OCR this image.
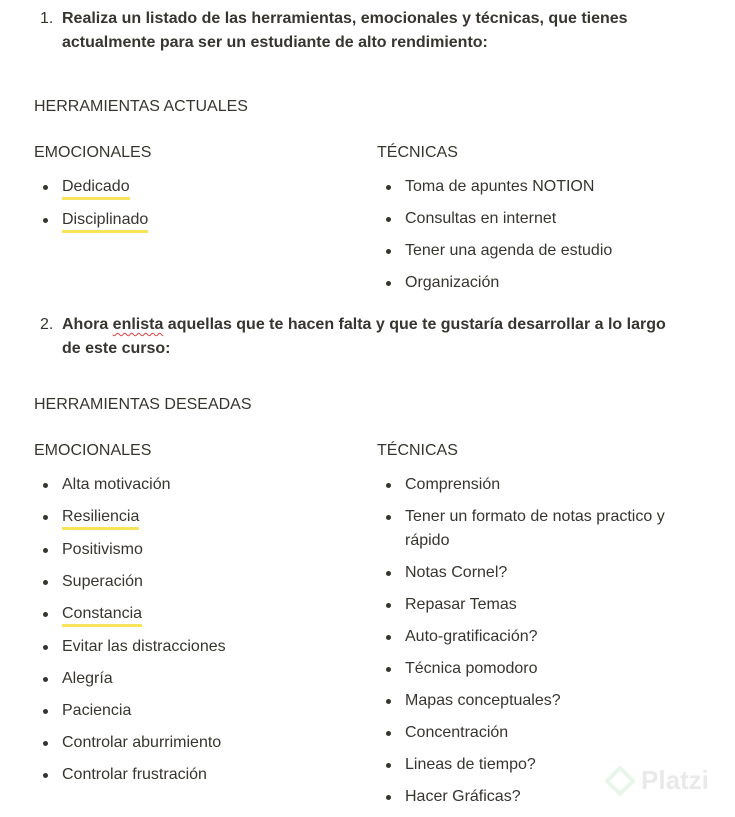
1. Realiza un listado de las herramientas, emocionales y técnicas, que tienes actualmente para ser un estudiante de alto rendimiento:
HERRAMIENTAS ACTUALES
EMOCIONALES
Dedicado
Disciplinado
TÉCNICAS
Toma de apuntes NOTION
Consultas en internet
Tener una agenda de estudio
Organización
2. Ahora enlista aquellas que te hacen falta y que te gustaría desarrollar a lo largo de este curso:
HERRAMIENTAS DESEADAS
EMOCIONALES
Alta motivación
Resiliencia
Positivismo
Superación
Constancia
Evitar las distracciones
Alegría
Paciencia
Controlar aburrimiento
Controlar frustración
TÉCNICAS
Comprensión
Tener un formato de notas practico y rápido
Notas Cornel?
Repasar Temas
Auto-gratificación?
Técnica pomodoro
Mapas conceptuales?
Concentración
Lineas de tiempo?
Hacer Gráficas?
Platzi
